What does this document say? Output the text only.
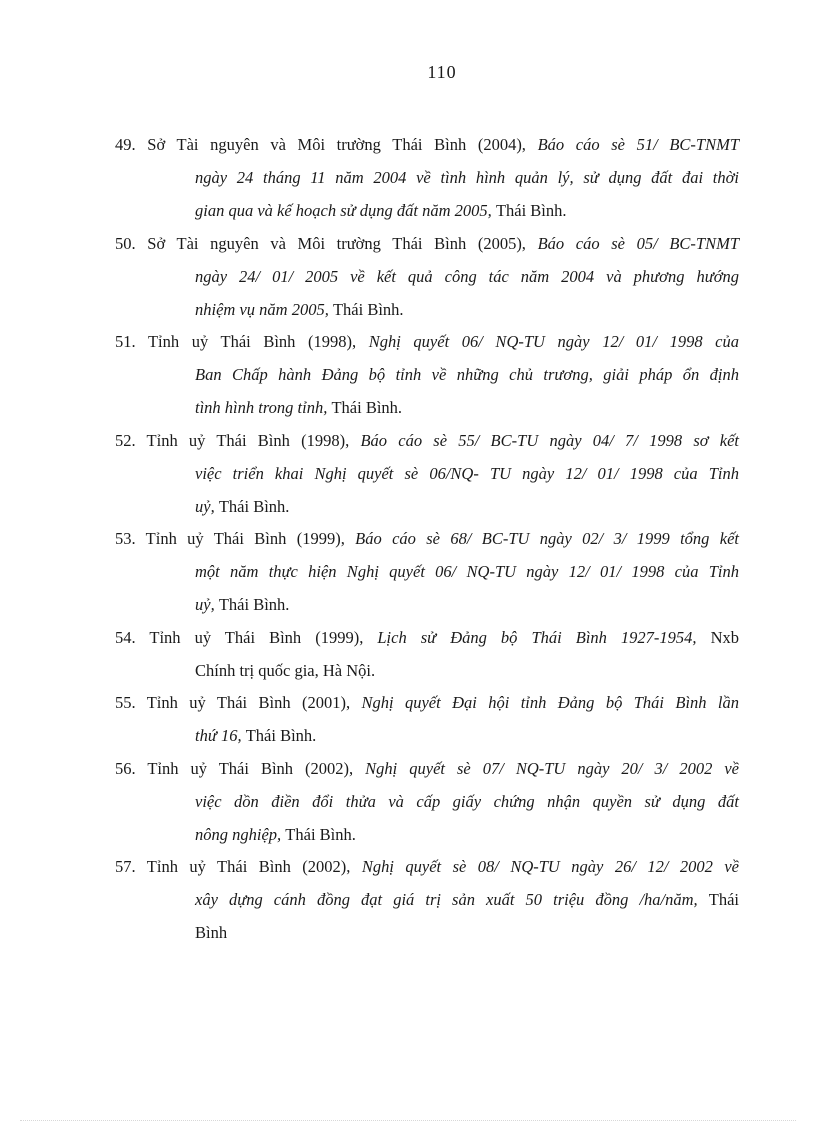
110
49. Sở Tài nguyên và Môi trường Thái Bình (2004), Báo cáo sè 51/ BC-TNMT
ngày 24 tháng 11 năm 2004 về tình hình quản lý, sử dụng đất đai thời
gian qua và kế hoạch sử dụng đất năm 2005, Thái Bình.
50. Sở Tài nguyên và Môi trường Thái Bình (2005), Báo cáo sè 05/ BC-TNMT
ngày 24/ 01/ 2005 về kết quả công tác năm 2004 và phương hướng
nhiệm vụ năm 2005, Thái Bình.
51. Tỉnh uỷ Thái Bình (1998), Nghị quyết 06/ NQ-TU ngày 12/ 01/ 1998 của
Ban Chấp hành Đảng bộ tỉnh về những chủ trương, giải pháp ổn định
tình hình trong tỉnh, Thái Bình.
52. Tỉnh uỷ Thái Bình (1998), Báo cáo sè 55/ BC-TU ngày 04/ 7/ 1998 sơ kết
việc triển khai Nghị quyết sè 06/NQ- TU ngày 12/ 01/ 1998 của Tỉnh
uỷ, Thái Bình.
53. Tỉnh uỷ Thái Bình (1999), Báo cáo sè 68/ BC-TU ngày 02/ 3/ 1999 tổng kết
một năm thực hiện Nghị quyết 06/ NQ-TU ngày 12/ 01/ 1998 của Tỉnh
uỷ, Thái Bình.
54. Tỉnh uỷ Thái Bình (1999), Lịch sử Đảng bộ Thái Bình 1927-1954, Nxb
Chính trị quốc gia, Hà Nội.
55. Tỉnh uỷ Thái Bình (2001), Nghị quyết Đại hội tỉnh Đảng bộ Thái Bình lần
thứ 16, Thái Bình.
56. Tỉnh uỷ Thái Bình (2002), Nghị quyết sè 07/ NQ-TU ngày 20/ 3/ 2002 về
việc dồn điền đổi thửa và cấp giấy chứng nhận quyền sử dụng đất
nông nghiệp, Thái Bình.
57. Tỉnh uỷ Thái Bình (2002), Nghị quyết sè 08/ NQ-TU ngày 26/ 12/ 2002 về
xây dựng cánh đồng đạt giá trị sản xuất 50 triệu đồng /ha/năm, Thái
Bình
